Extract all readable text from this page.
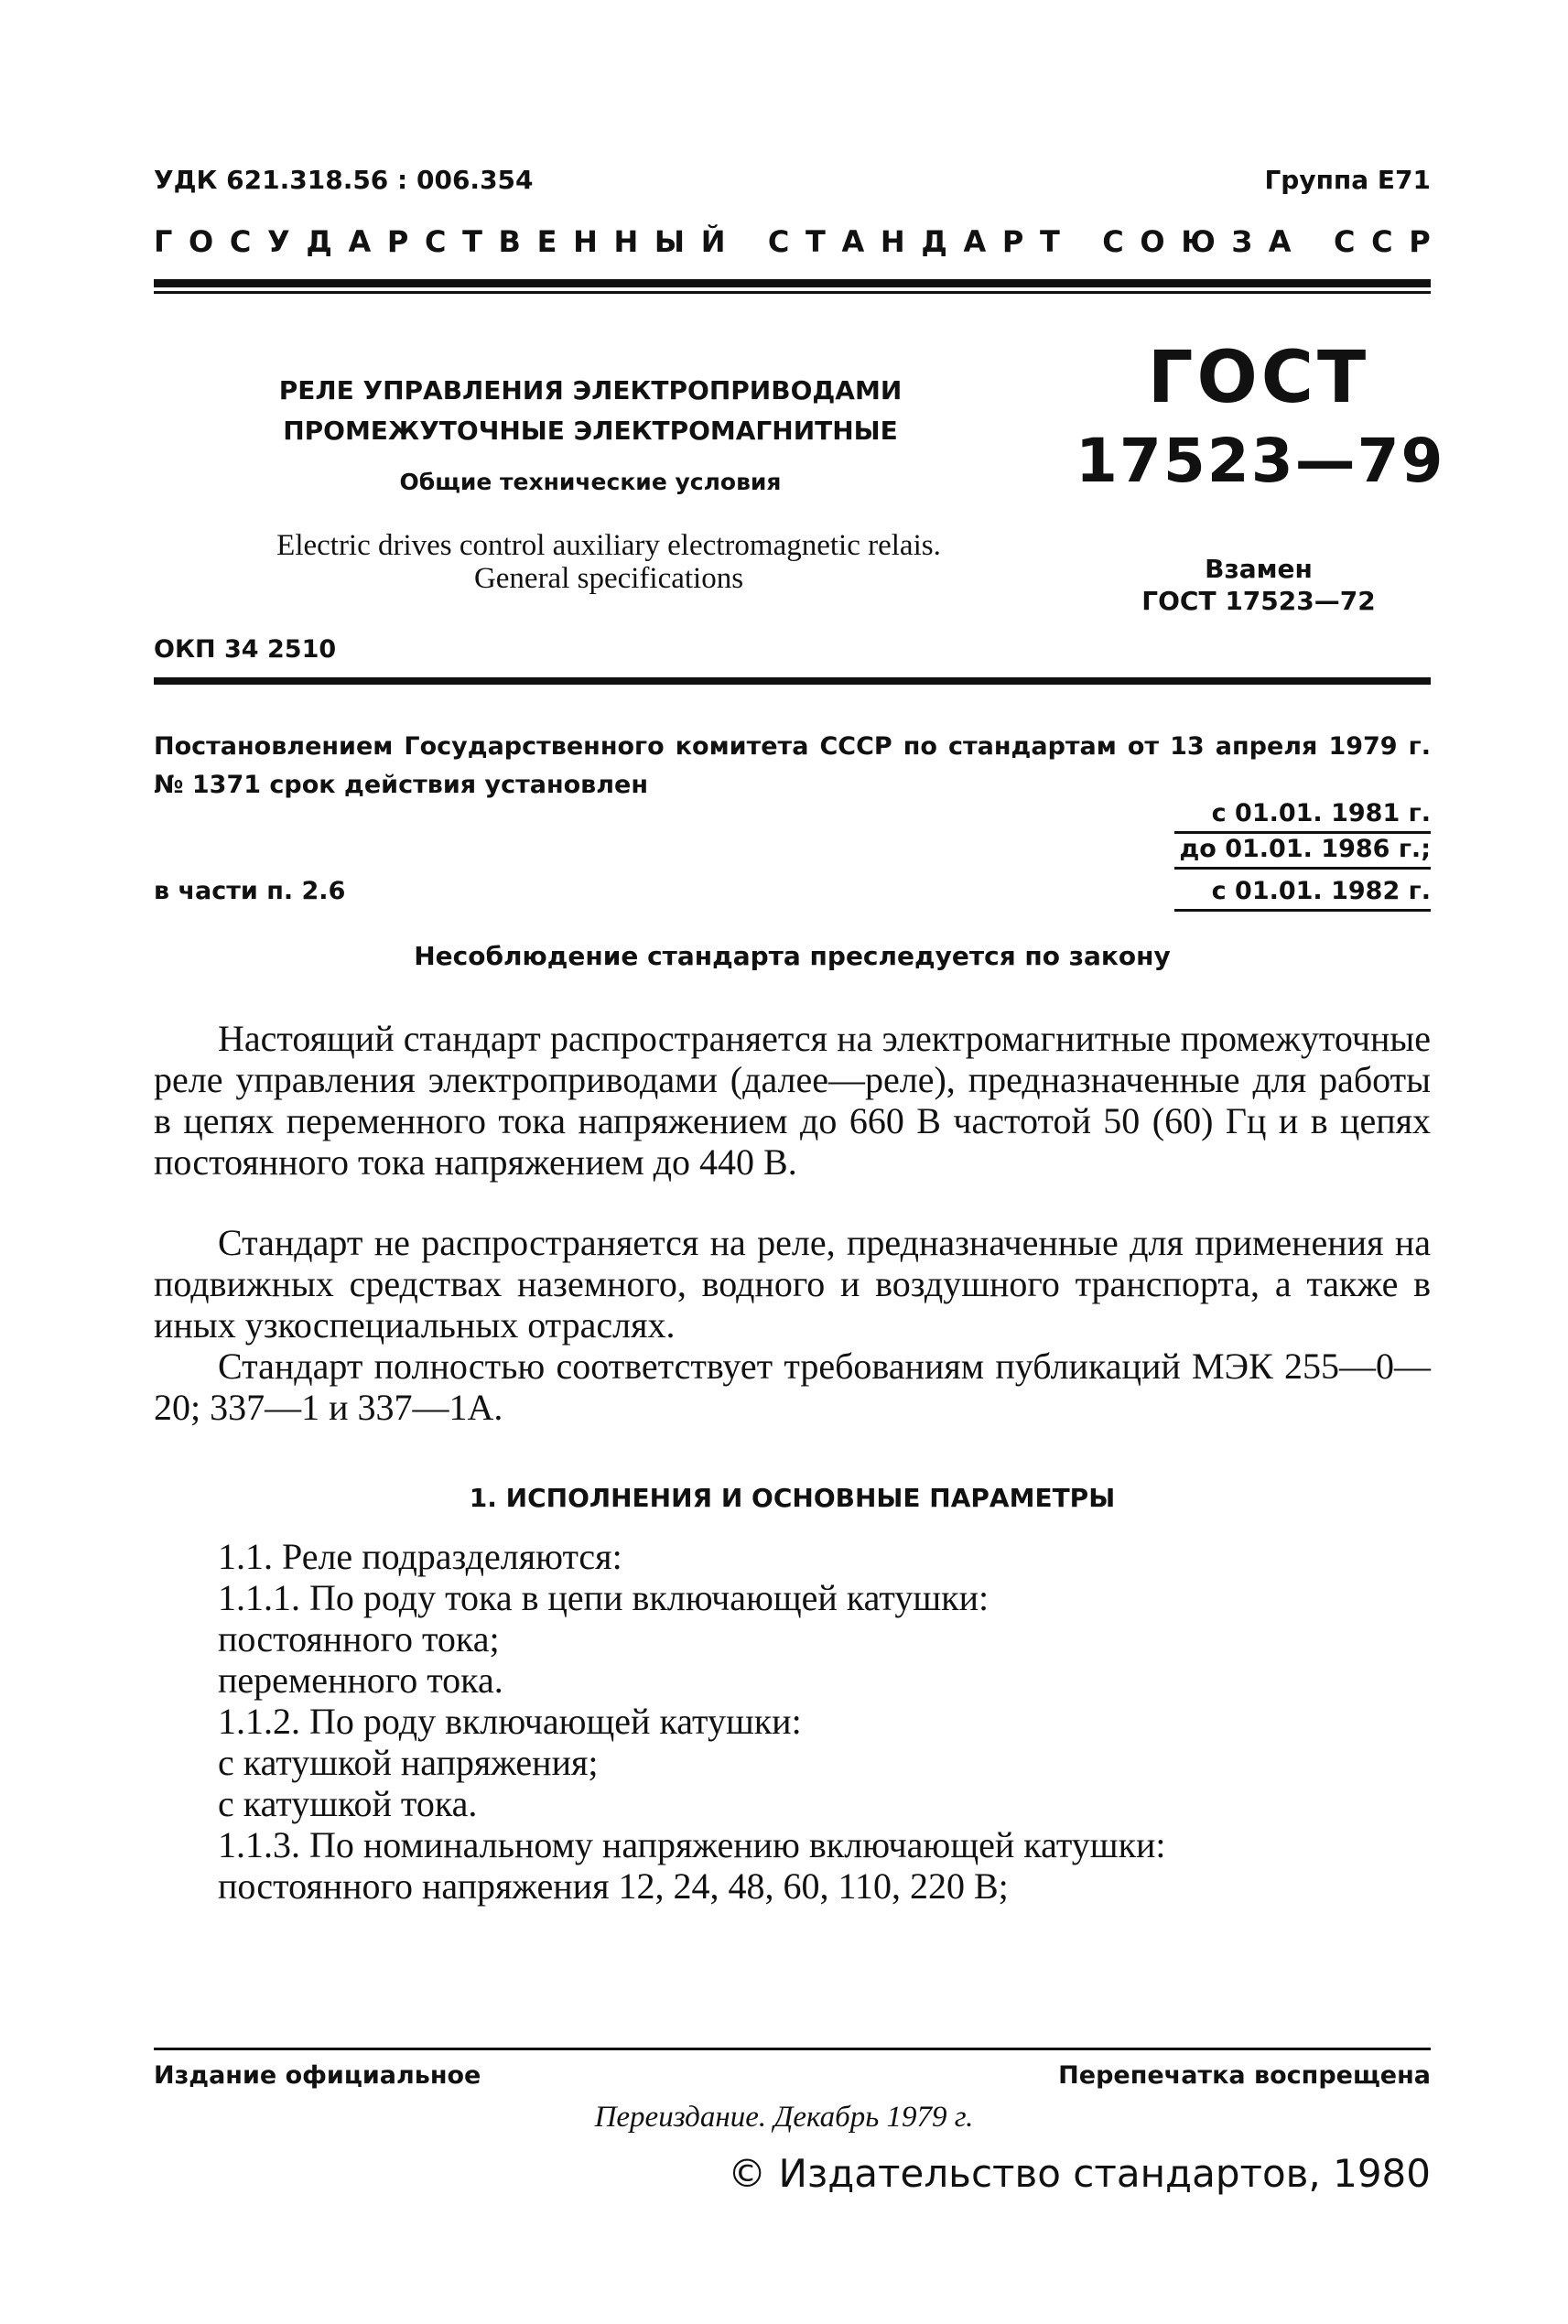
УДК 621.318.56 : 006.354	Группа Е71
Г О С У Д А Р С Т В Е Н Н Ы Й
С Т А Н Д А Р Т
С О Ю З А
С С Р
РЕЛЕ УПРАВЛЕНИЯ ЭЛЕКТРОПРИВОДАМИ
ПРОМЕЖУТОЧНЫЕ ЭЛЕКТРОМАГНИТНЫЕ
Общие технические условия
Electric drives control auxiliary electromagnetic relais.
General specifications
ГОСТ
17523—79
Взамен
ГОСТ 17523—72
ОКП 34 2510
Постановлением Государственного комитета СССР по стандартам от 13 апреля 1979 г. № 1371 срок действия установлен
с 01.01. 1981 г.
до 01.01. 1986 г.;
в части п. 2.6	с 01.01. 1982 г.
Несоблюдение стандарта преследуется по закону
Настоящий стандарт распространяется на электромагнитные промежуточные реле управления электроприводами (далее—реле), предназначенные для работы в цепях переменного тока напряжением до 660 В частотой 50 (60) Гц и в цепях постоянного тока напряжением до 440 В.
Стандарт не распространяется на реле, предназначенные для применения на подвижных средствах наземного, водного и воздушного транспорта, а также в иных узкоспециальных отраслях.
Стандарт полностью соответствует требованиям публикаций МЭК 255—0—20; 337—1 и 337—1А.
1. ИСПОЛНЕНИЯ И ОСНОВНЫЕ ПАРАМЕТРЫ
1.1. Реле подразделяются:
1.1.1. По роду тока в цепи включающей катушки:
постоянного тока;
переменного тока.
1.1.2. По роду включающей катушки:
с катушкой напряжения;
с катушкой тока.
1.1.3. По номинальному напряжению включающей катушки:
постоянного напряжения 12, 24, 48, 60, 110, 220 В;
Издание официальное	Перепечатка воспрещена
Переиздание. Декабрь 1979 г.
© Издательство стандартов, 1980
